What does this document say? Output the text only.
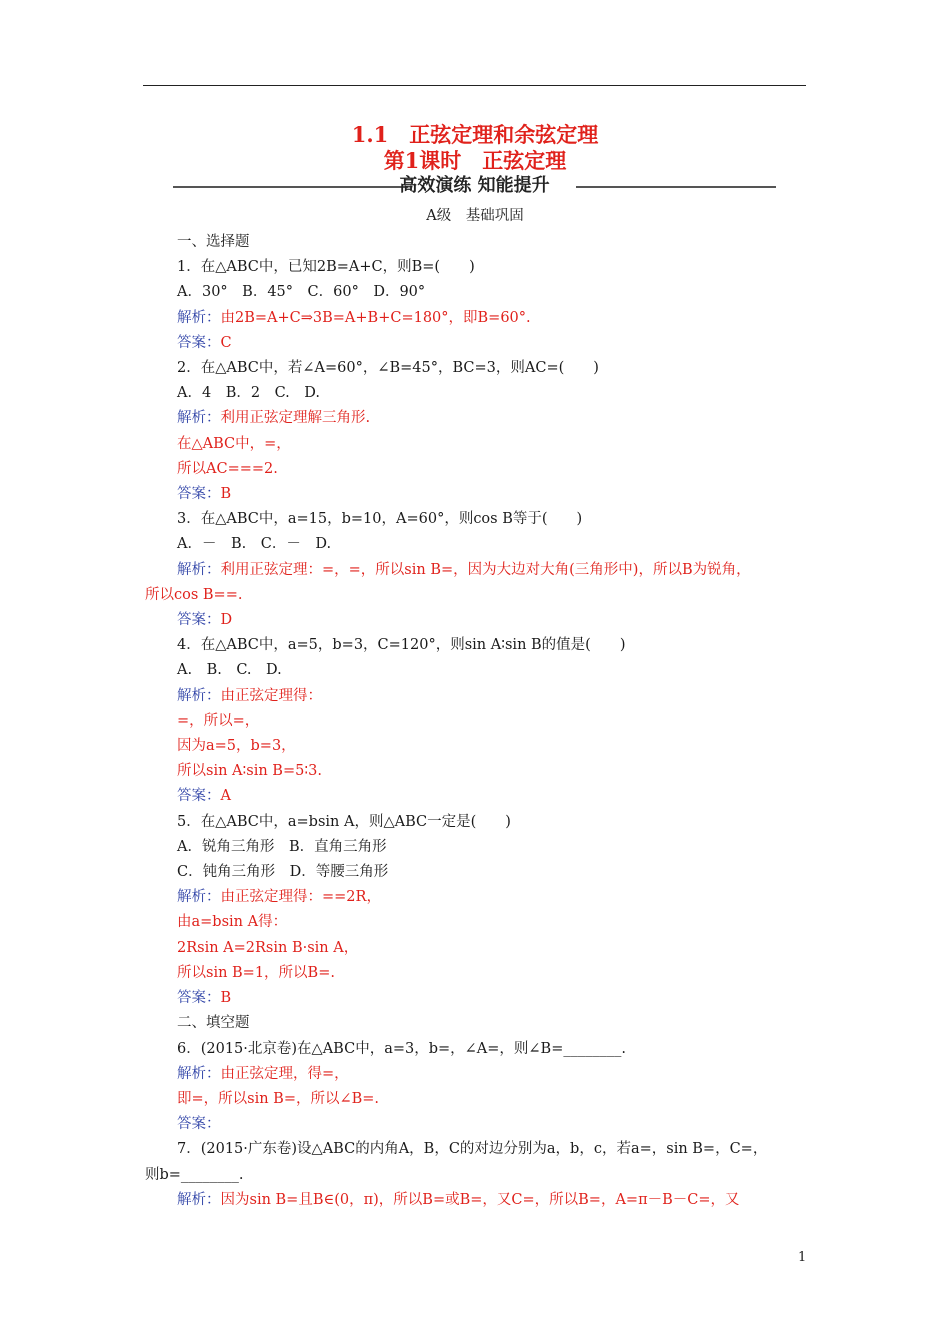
1.1　正弦定理和余弦定理
第1课时　正弦定理
高效演练 知能提升
A级　基础巩固
一、选择题
1．在△ABC中，已知2B=A+C，则B=(　　)
A．30°　B．45°　C．60°　D．90°
解析：由2B=A+C⇒3B=A+B+C=180°，即B=60°.
答案：C
2．在△ABC中，若∠A=60°，∠B=45°，BC=3，则AC=(　　)
A．4　B．2　C.　D.
解析：利用正弦定理解三角形.
在△ABC中，=，
所以AC===2.
答案：B
3．在△ABC中，a=15，b=10，A=60°，则cos B等于(　　)
A．－　B.　C．－　D.
解析：利用正弦定理：=，=，所以sin B=，因为大边对大角(三角形中)，所以B为锐角，
所以cos B==.
答案：D
4．在△ABC中，a=5，b=3，C=120°，则sin A∶sin B的值是(　　)
A.　B.　C.　D.
解析：由正弦定理得：
=，所以=，
因为a=5，b=3，
所以sin A∶sin B=5∶3.
答案：A
5．在△ABC中，a=bsin A，则△ABC一定是(　　)
A．锐角三角形　B．直角三角形
C．钝角三角形　D．等腰三角形
解析：由正弦定理得：==2R，
由a=bsin A得：
2Rsin A=2Rsin B·sin A，
所以sin B=1，所以B=.
答案：B
二、填空题
6．(2015·北京卷)在△ABC中，a=3，b=，∠A=，则∠B=________.
解析：由正弦定理，得=，
即=，所以sin B=，所以∠B=.
答案：
7．(2015·广东卷)设△ABC的内角A，B，C的对边分别为a，b，c，若a=，sin B=，C=，
则b=________.
解析：因为sin B=且B∈(0，π)，所以B=或B=，又C=，所以B=，A=π－B－C=，又
1
